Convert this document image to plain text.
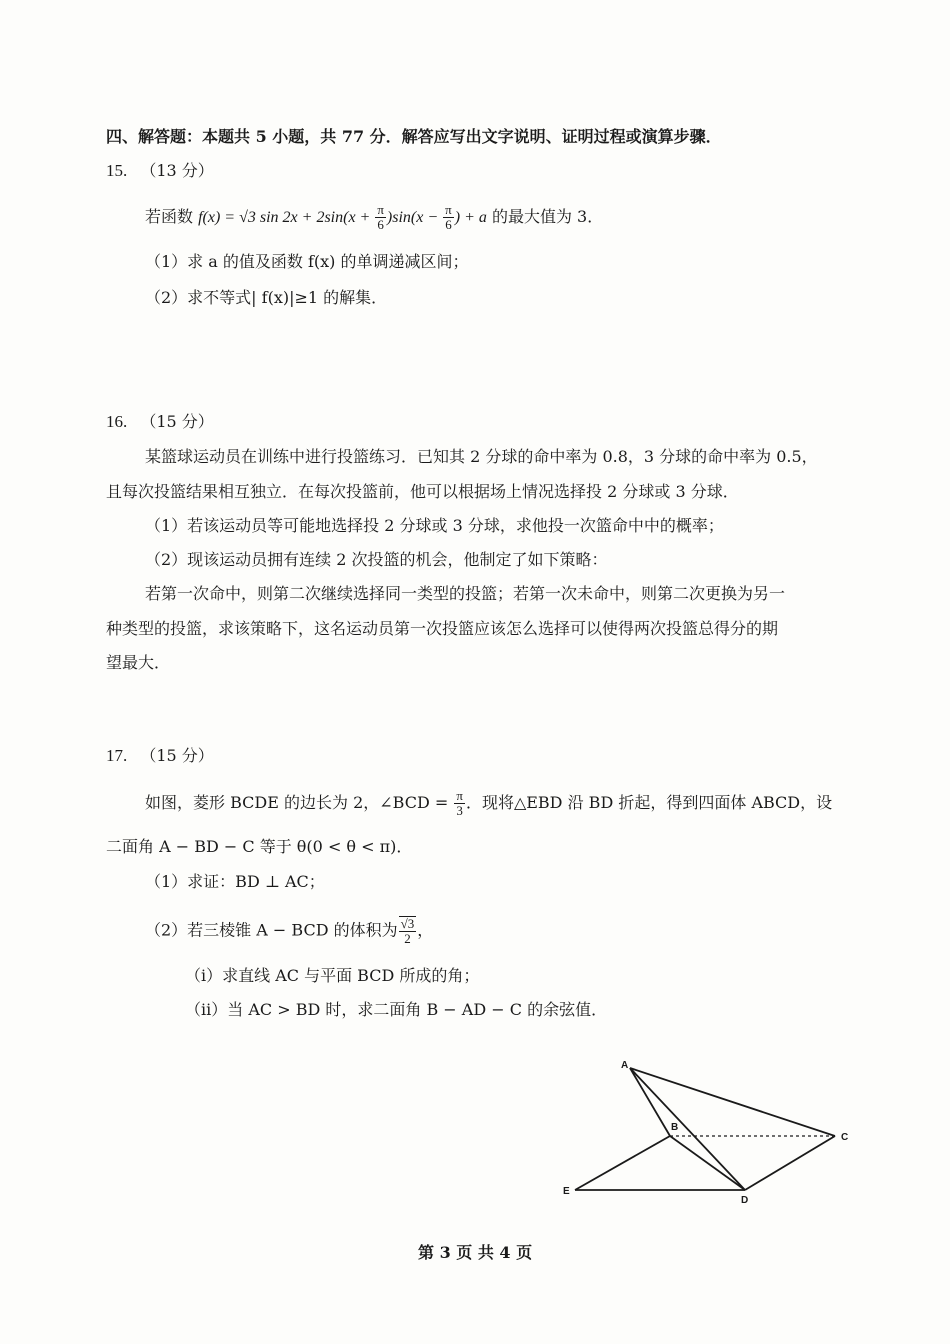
四、解答题：本题共 5 小题，共 77 分．解答应写出文字说明、证明过程或演算步骤．
15. （13 分）
若函数 f(x) = √3 $\sin 2x + 2\sin(x + \frac{\pi}{6} )\sin(x - \frac{\pi}{6}$ ) + a 的最大值为 3．
（1）求 a 的值及函数 f(x) 的单调递减区间；
（2）求不等式| f(x)|≥1 的解集．
16. （15 分）
某篮球运动员在训练中进行投篮练习．已知其 2 分球的命中率为 0.8，3 分球的命中率为 0.5，
且每次投篮结果相互独立．在每次投篮前，他可以根据场上情况选择投 2 分球或 3 分球．
（1）若该运动员等可能地选择投 2 分球或 3 分球，求他投一次篮命中中的概率；
（2）现该运动员拥有连续 2 次投篮的机会，他制定了如下策略：
若第一次命中，则第二次继续选择同一类型的投篮；若第一次未命中，则第二次更换为另一
种类型的投篮，求该策略下，这名运动员第一次投篮应该怎么选择可以使得两次投篮总得分的期
望最大．
17. （15 分）
如图，菱形 BCDE 的边长为 2，∠BCD = $\frac{\pi}{3}$ ．现将△EBD 沿 BD 折起，得到四面体 ABCD，设
二面角 A − BD − C 等于 θ(0 < θ < π)．
（1）求证：BD ⊥ AC；
（2）若三棱锥 A − BCD 的体积为 $\frac{√3}{2}$ ，
（i）求直线 AC 与平面 BCD 所成的角；
（ii）当 AC > BD 时，求二面角 B − AD − C 的余弦值．
A
B
C
D
E
第 3 页 共 4 页
